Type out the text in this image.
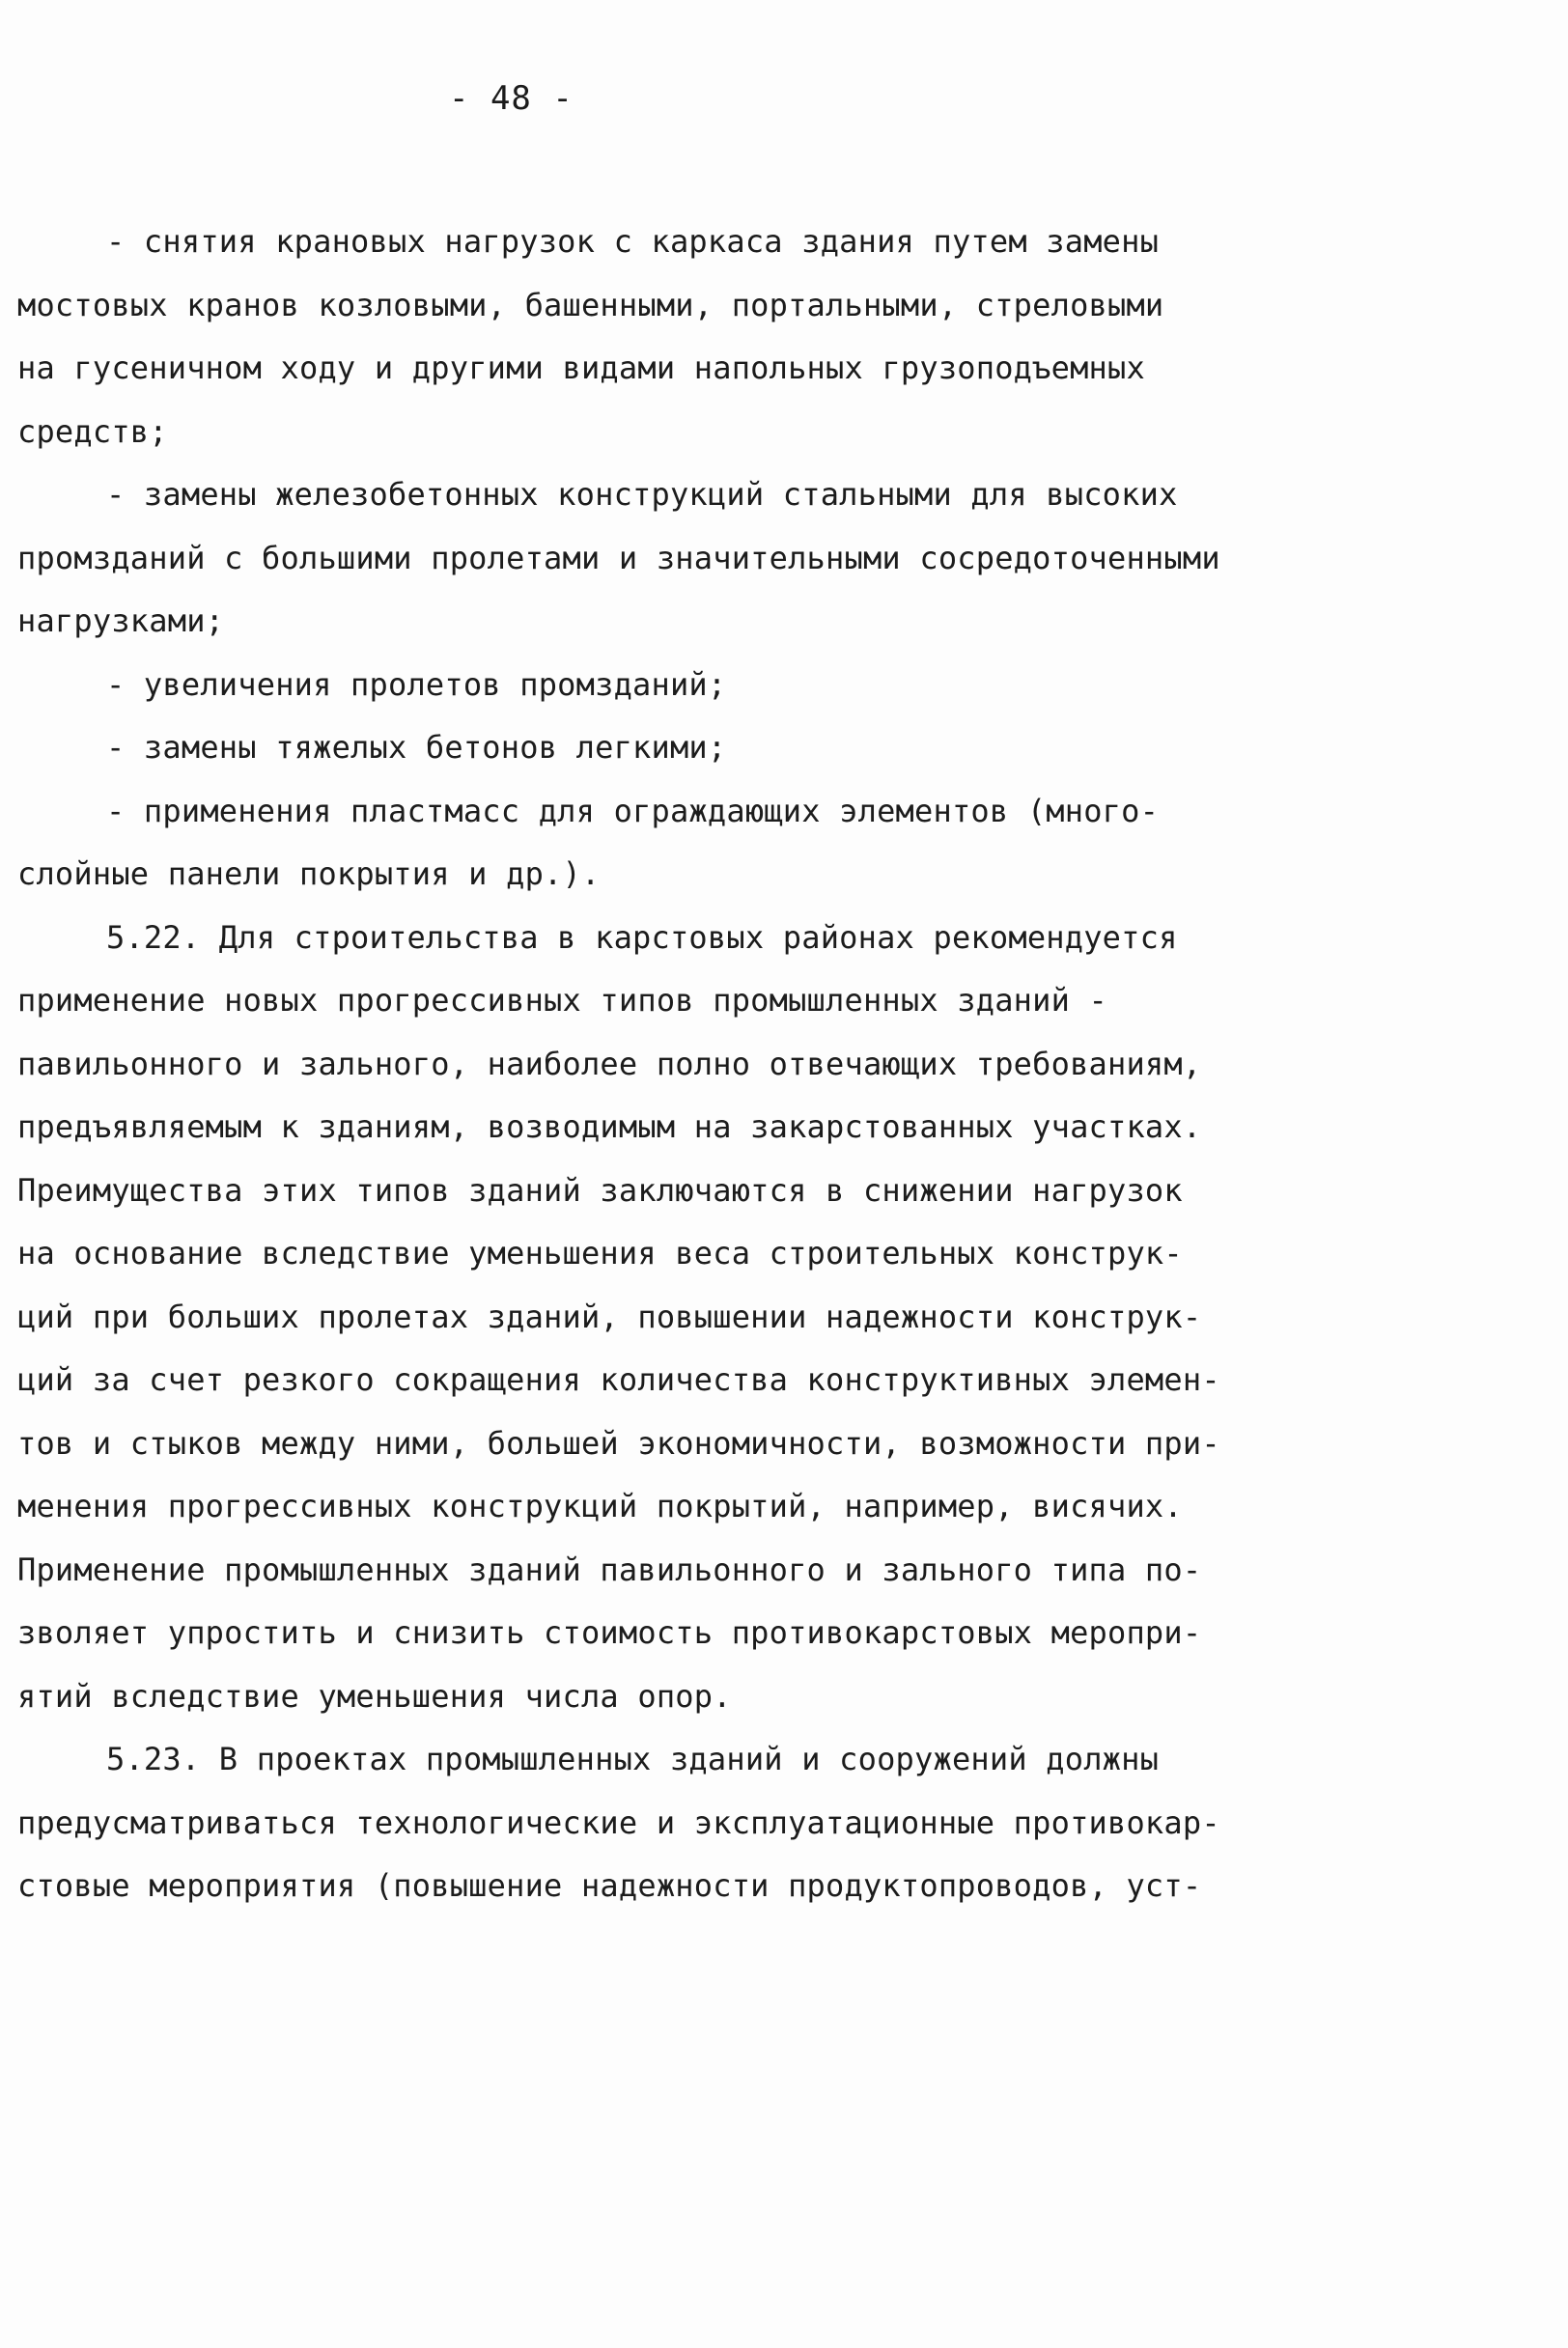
- 48 -
- снятия крановых нагрузок с каркаса здания путем замены
мостовых кранов козловыми, башенными, портальными, стреловыми
на гусеничном ходу и другими видами напольных грузоподъемных
средств;
- замены железобетонных конструкций стальными для высоких
промзданий с большими пролетами и значительными сосредоточенными
нагрузками;
- увеличения пролетов промзданий;
- замены тяжелых бетонов легкими;
- применения пластмасс для ограждающих элементов (много-
слойные панели покрытия и др.).
5.22. Для строительства в карстовых районах рекомендуется
применение новых прогрессивных типов промышленных зданий -
павильонного и зального, наиболее полно отвечающих требованиям,
предъявляемым к зданиям, возводимым на закарстованных участках.
Преимущества этих типов зданий заключаются в снижении нагрузок
на основание вследствие уменьшения веса строительных конструк-
ций при больших пролетах зданий, повышении надежности конструк-
ций за счет резкого сокращения количества конструктивных элемен-
тов и стыков между ними, большей экономичности, возможности при-
менения прогрессивных конструкций покрытий, например, висячих.
Применение промышленных зданий павильонного и зального типа по-
зволяет упростить и снизить стоимость противокарстовых меропри-
ятий вследствие уменьшения числа опор.
5.23. В проектах промышленных зданий и сооружений должны
предусматриваться технологические и эксплуатационные противокар-
стовые мероприятия (повышение надежности продуктопроводов, уст-
